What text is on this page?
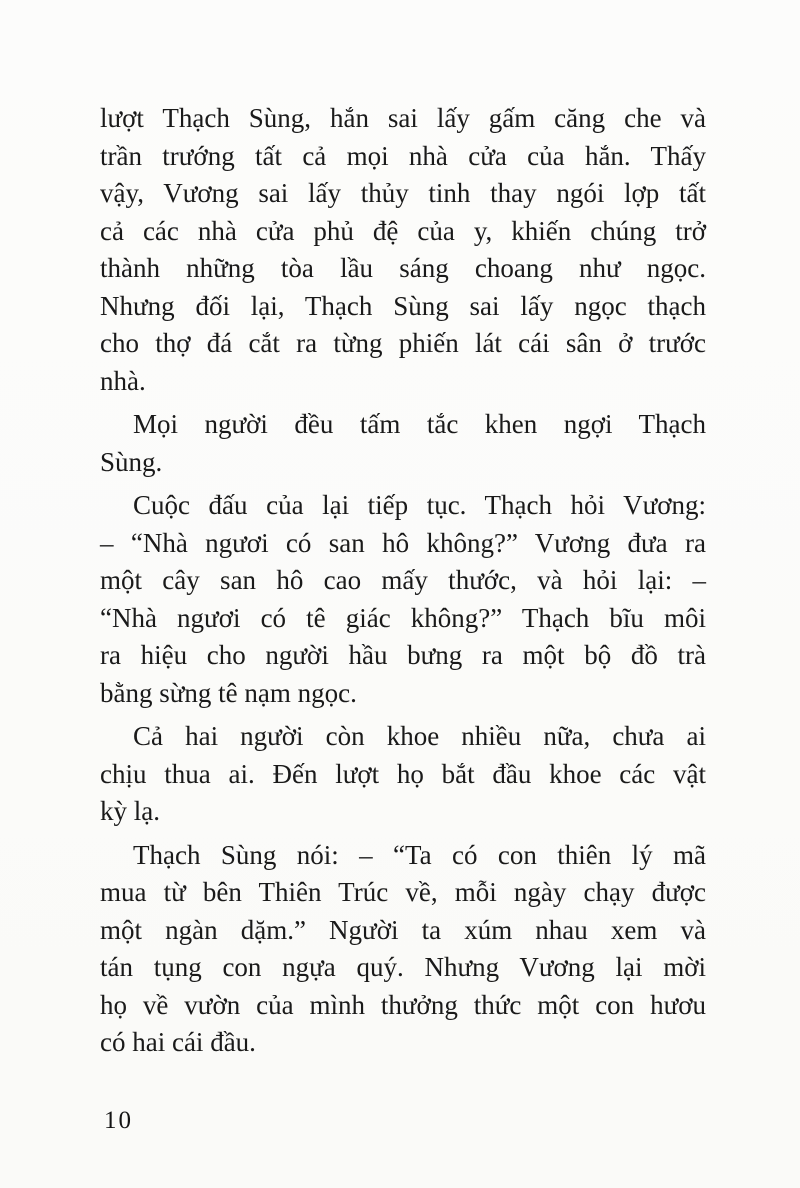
lượt Thạch Sùng, hắn sai lấy gấm căng che và
trần trướng tất cả mọi nhà cửa của hắn. Thấy
vậy, Vương sai lấy thủy tinh thay ngói lợp tất
cả các nhà cửa phủ đệ của y, khiến chúng trở
thành những tòa lầu sáng choang như ngọc.
Nhưng đối lại, Thạch Sùng sai lấy ngọc thạch
cho thợ đá cắt ra từng phiến lát cái sân ở trước
nhà.
Mọi người đều tấm tắc khen ngợi Thạch
Sùng.
Cuộc đấu của lại tiếp tục. Thạch hỏi Vương:
– “Nhà ngươi có san hô không?” Vương đưa ra
một cây san hô cao mấy thước, và hỏi lại: –
“Nhà ngươi có tê giác không?” Thạch bĩu môi
ra hiệu cho người hầu bưng ra một bộ đồ trà
bằng sừng tê nạm ngọc.
Cả hai người còn khoe nhiều nữa, chưa ai
chịu thua ai. Đến lượt họ bắt đầu khoe các vật
kỳ lạ.
Thạch Sùng nói: – “Ta có con thiên lý mã
mua từ bên Thiên Trúc về, mỗi ngày chạy được
một ngàn dặm.” Người ta xúm nhau xem và
tán tụng con ngựa quý. Nhưng Vương lại mời
họ về vườn của mình thưởng thức một con hươu
có hai cái đầu.
10
